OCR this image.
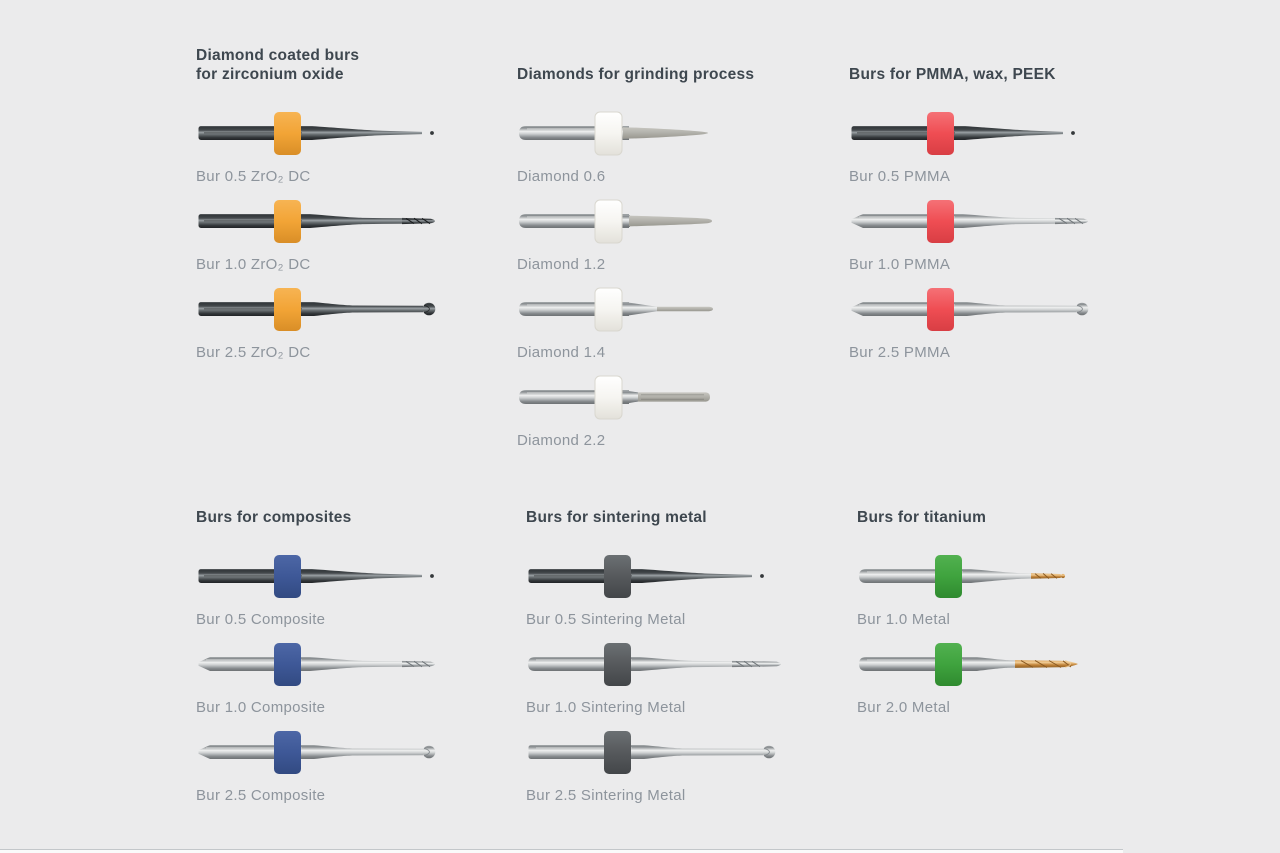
Diamond coated burs
for zirconium oxide
Bur 0.5 ZrO₂ DC
Bur 1.0 ZrO₂ DC
Bur 2.5 ZrO₂ DC
Diamonds for grinding process
Diamond 0.6
Diamond 1.2
Diamond 1.4
Diamond 2.2
Burs for PMMA, wax, PEEK
Bur 0.5 PMMA
Bur 1.0 PMMA
Bur 2.5 PMMA
Burs for composites
Bur 0.5 Composite
Bur 1.0 Composite
Bur 2.5 Composite
Burs for sintering metal
Bur 0.5 Sintering Metal
Bur 1.0 Sintering Metal
Bur 2.5 Sintering Metal
Burs for titanium
Bur 1.0 Metal
Bur 2.0 Metal
